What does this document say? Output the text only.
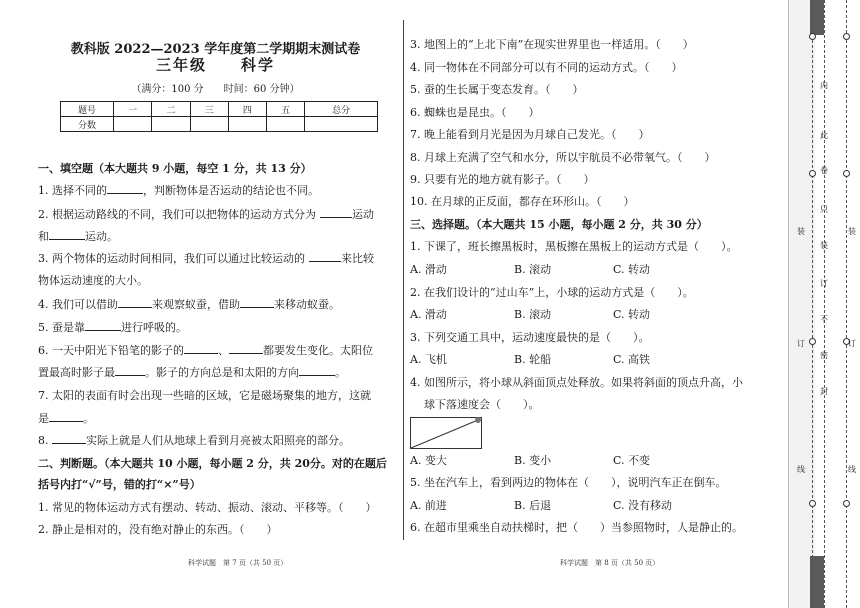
教科版 2022—2023 学年度第二学期期末测试卷
三年级 科学
（满分：100 分　　时间：60 分钟）
题号	一	二	三	四	五	总分
分数						
一、填空题（本大题共 9 小题，每空 1 分，共 13 分）
1. 选择不同的	，判断物体是否运动的结论也不同。
2. 根据运动路线的不同，我们可以把物体的运动方式分为	运动
和	运动。
3. 两个物体的运动时间相同，我们可以通过比较运动的	来比较
物体运动速度的大小。
4. 我们可以借助	来观察蚁蚕，借助	来移动蚁蚕。
5. 蚕是靠	进行呼吸的。
6. 一天中阳光下铅笔的影子的	、	都要发生变化。太阳位
置最高时影子最	。影子的方向总是和太阳的方向	。
7. 太阳的表面有时会出现一些暗的区域，它是磁场聚集的地方，这就
是	。
8.	实际上就是人们从地球上看到月亮被太阳照亮的部分。
二、判断题。（本大题共 10 小题，每小题 2 分，共 20分。对的在题后
括号内打“√”号，错的打“×”号）
1. 常见的物体运动方式有摆动、转动、振动、滚动、平移等。（　　）
2. 静止是相对的，没有绝对静止的东西。（　　）
科学试题　第 7 页（共 50 页）
3. 地图上的“上北下南”在现实世界里也一样适用。（　　）
4. 同一物体在不同部分可以有不同的运动方式。（　　）
5. 蚕的生长属于变态发育。（　　）
6. 蜘蛛也是昆虫。（　　）
7. 晚上能看到月光是因为月球自己发光。（　　）
8. 月球上充满了空气和水分，所以宇航员不必带氧气。（　　）
9. 只要有光的地方就有影子。（　　）
10. 在月球的正反面，都存在环形山。（　　）
三、选择题。（本大题共 15 小题，每小题 2 分，共 30 分）
1. 下课了，班长擦黑板时，黑板擦在黑板上的运动方式是（　　）。
A. 滑动	B. 滚动	C. 转动
2. 在我们设计的“过山车”上，小球的运动方式是（　　）。
A. 滑动	B. 滚动	C. 转动
3. 下列交通工具中，运动速度最快的是（　　）。
A. 飞机	B. 轮船	C. 高铁
4. 如图所示，将小球从斜面顶点处释放。如果将斜面的顶点升高，小
球下落速度会（　　）。
A. 变大	B. 变小	C. 不变
5. 坐在汽车上，看到两边的物体在（　　），说明汽车正在倒车。
A. 前进	B. 后退	C. 没有移动
6. 在超市里乘坐自动扶梯时，把（　　）当参照物时，人是静止的。
科学试题　第 8 页（共 50 页）
内
此
卷
只
装
订
不
密
封
装
订
线
装
订
线
